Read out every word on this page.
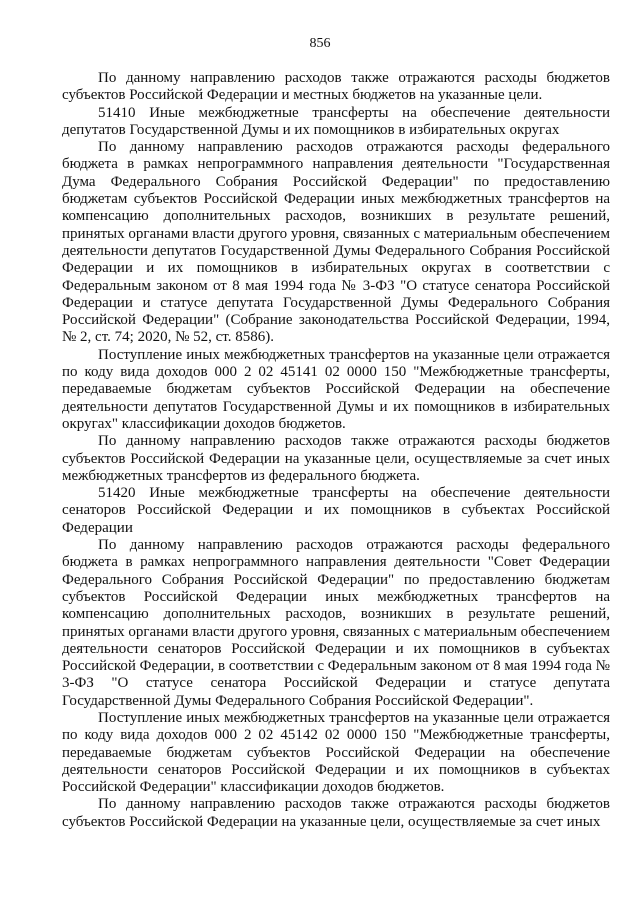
856

По данному направлению расходов также отражаются расходы бюджетов субъектов Российской Федерации и местных бюджетов на указанные цели.

51410 Иные межбюджетные трансферты на обеспечение деятельности депутатов Государственной Думы и их помощников в избирательных округах

По данному направлению расходов отражаются расходы федерального бюджета в рамках непрограммного направления деятельности "Государственная Дума Федерального Собрания Российской Федерации" по предоставлению бюджетам субъектов Российской Федерации иных межбюджетных трансфертов на компенсацию дополнительных расходов, возникших в результате решений, принятых органами власти другого уровня, связанных с материальным обеспечением деятельности депутатов Государственной Думы Федерального Собрания Российской Федерации и их помощников в избирательных округах в соответствии с Федеральным законом от 8 мая 1994 года № 3-ФЗ "О статусе сенатора Российской Федерации и статусе депутата Государственной Думы Федерального Собрания Российской Федерации" (Собрание законодательства Российской Федерации, 1994, № 2, ст. 74; 2020, № 52, ст. 8586).

Поступление иных межбюджетных трансфертов на указанные цели отражается по коду вида доходов 000 2 02 45141 02 0000 150 "Межбюджетные трансферты, передаваемые бюджетам субъектов Российской Федерации на обеспечение деятельности депутатов Государственной Думы и их помощников в избирательных округах" классификации доходов бюджетов.

По данному направлению расходов также отражаются расходы бюджетов субъектов Российской Федерации на указанные цели, осуществляемые за счет иных межбюджетных трансфертов из федерального бюджета.

51420 Иные межбюджетные трансферты на обеспечение деятельности сенаторов Российской Федерации и их помощников в субъектах Российской Федерации

По данному направлению расходов отражаются расходы федерального бюджета в рамках непрограммного направления деятельности "Совет Федерации Федерального Собрания Российской Федерации" по предоставлению бюджетам субъектов Российской Федерации иных межбюджетных трансфертов на компенсацию дополнительных расходов, возникших в результате решений, принятых органами власти другого уровня, связанных с материальным обеспечением деятельности сенаторов Российской Федерации и их помощников в субъектах Российской Федерации, в соответствии с Федеральным законом от 8 мая 1994 года № 3-ФЗ "О статусе сенатора Российской Федерации и статусе депутата Государственной Думы Федерального Собрания Российской Федерации".

Поступление иных межбюджетных трансфертов на указанные цели отражается по коду вида доходов 000 2 02 45142 02 0000 150 "Межбюджетные трансферты, передаваемые бюджетам субъектов Российской Федерации на обеспечение деятельности сенаторов Российской Федерации и их помощников в субъектах Российской Федерации" классификации доходов бюджетов.

По данному направлению расходов также отражаются расходы бюджетов субъектов Российской Федерации на указанные цели, осуществляемые за счет иных
